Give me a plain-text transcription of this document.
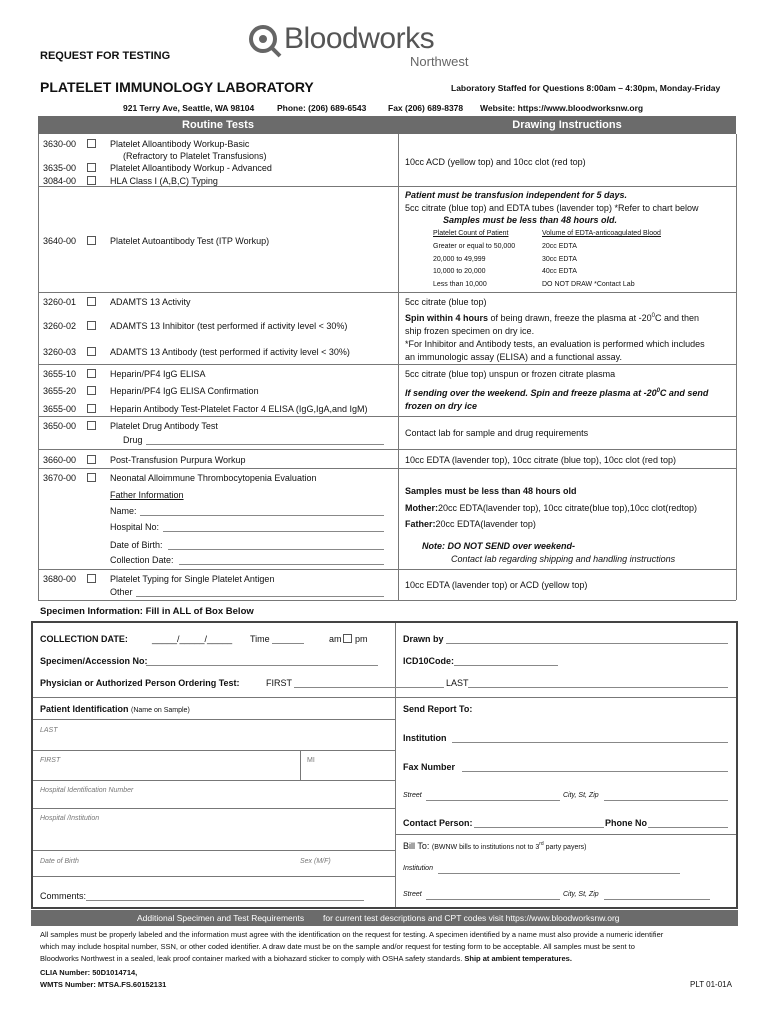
REQUEST FOR TESTING
Bloodworks
Northwest
PLATELET IMMUNOLOGY LABORATORY	Laboratory Staffed for Questions 8:00am – 4:30pm, Monday-Friday
921 Terry Ave, Seattle, WA 98104	Phone: (206) 689-6543	Fax (206) 689-8378 Website: https://www.bloodworksnw.org
Routine Tests	Drawing Instructions
3630-00	Platelet Alloantibody Workup-Basic
(Refractory to Platelet Transfusions)
3635-00	Platelet Alloantibody Workup - Advanced
3084-00	HLA Class I (A,B,C) Typing
10cc ACD (yellow top) and 10cc clot (red top)
3640-00	Platelet Autoantibody Test (ITP Workup)
Patient must be transfusion independent for 5 days.
5cc citrate (blue top) and EDTA tubes (lavender top) *Refer to chart below
Samples must be less than 48 hours old.
Platelet Count of Patient	Volume of EDTA-anticoagulated Blood
Greater or equal to 50,000	20cc EDTA
20,000 to 49,999	30cc EDTA
10,000 to 20,000	40cc EDTA
Less than 10,000	DO NOT DRAW *Contact Lab
3260-01	ADAMTS 13 Activity
3260-02	ADAMTS 13 Inhibitor (test performed if activity level < 30%)
3260-03	ADAMTS 13 Antibody (test performed if activity level < 30%)
5cc citrate (blue top)
Spin within 4 hours of being drawn, freeze the plasma at $-20^0C$ and then
ship frozen specimen on dry ice.
*For Inhibitor and Antibody tests, an evaluation is performed which includes
an immunologic assay (ELISA) and a functional assay.
3655-10	Heparin/PF4 IgG ELISA
3655-20	Heparin/PF4 IgG ELISA Confirmation
3655-00	Heparin Antibody Test-Platelet Factor 4 ELISA (IgG,IgA,and IgM)
5cc citrate (blue top) unspun or frozen citrate plasma
If sending over the weekend. Spin and freeze plasma at $-20^0C$ and send
frozen on dry ice
3650-00	Platelet Drug Antibody Test
Drug
Contact lab for sample and drug requirements
3660-00	Post-Transfusion Purpura Workup	10cc EDTA (lavender top), 10cc citrate (blue top), 10cc clot (red top)
3670-00	Neonatal Alloimmune Thrombocytopenia Evaluation
Father Information
Name:
Hospital No:
Date of Birth:
Collection Date:
Samples must be less than 48 hours old
Mother:20cc EDTA(lavender top), 10cc citrate(blue top),10cc clot(redtop)
Father:20cc EDTA(lavender top)
Note: DO NOT SEND over weekend-
Contact lab regarding shipping and handling instructions
3680-00	Platelet Typing for Single Platelet Antigen
Other
10cc EDTA (lavender top) or ACD (yellow top)
Specimen Information: Fill in ALL of Box Below
COLLECTION DATE:	_____/_____/_____ Time	am pm	Drawn by
Specimen/Accession No:	ICD10Code:
Physician or Authorized Person Ordering Test:	FIRST	LAST
Patient Identification (Name on Sample)	Send Report To:
LAST
Institution
FIRST	MI
Fax Number
Hospital Identification Number
Street	City, St, Zip
Hospital /Institution	Contact Person:	Phone No
Bill To: (BWNW bills to institutions not to 3rd party payers)
Institution
Date of Birth	Sex (M/F)
Comments:	Street	City, St, Zip
Additional Specimen and Test Requirements for current test descriptions and CPT codes visit https://www.bloodworksnw.org
All samples must be properly labeled and the information must agree with the identification on the request for testing. A specimen identified by a name must also provide a numeric identifier
which may include hospital number, SSN, or other coded identifier. A draw date must be on the sample and/or request for testing form to be acceptable. All samples must be sent to
Bloodworks Northwest in a sealed, leak proof container marked with a biohazard sticker to comply with OSHA safety standards. Ship at ambient temperatures.
CLIA Number: 50D1014714,
WMTS Number: MTSA.FS.60152131	PLT 01-01A
